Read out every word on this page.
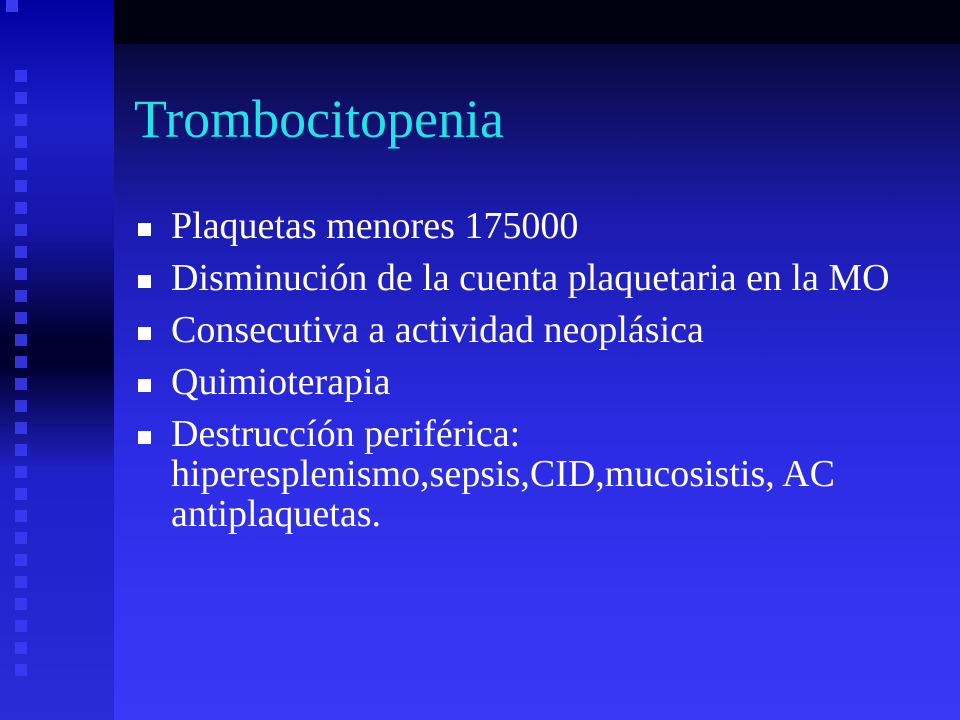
Trombocitopenia
Plaquetas menores 175000
Disminución de la cuenta plaquetaria en la MO
Consecutiva a actividad neoplásica
Quimioterapia
Destruccíón periférica: hiperesplenismo,sepsis,CID,mucosistis, AC antiplaquetas.
